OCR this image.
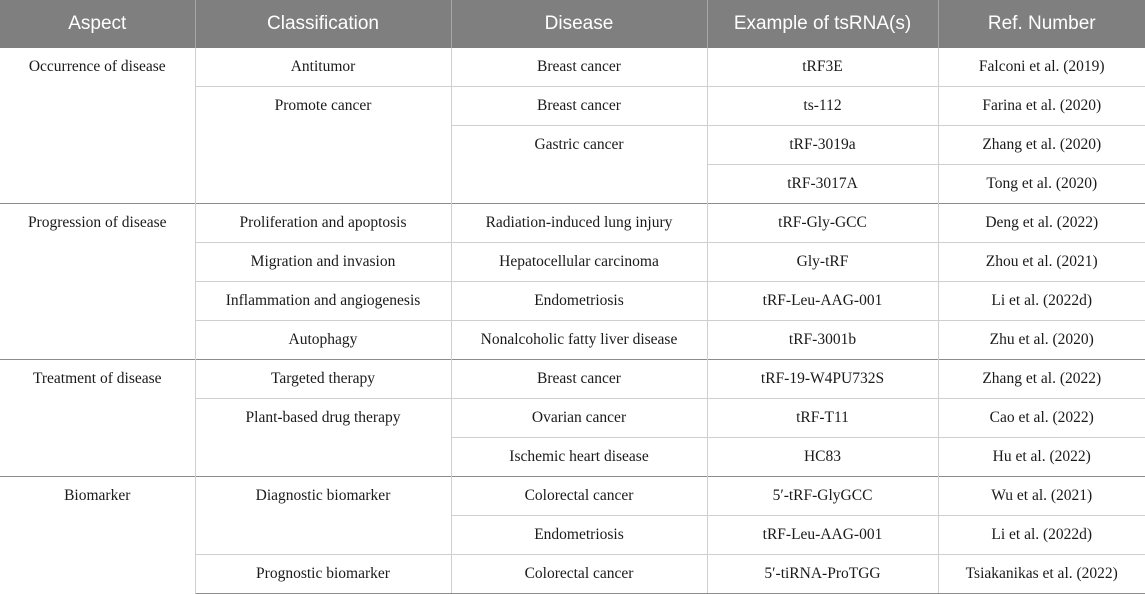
Aspect	Classification	Disease	Example of tsRNA(s)	Ref. Number
Occurrence of disease	Antitumor	Breast cancer	tRF3E	Falconi et al. (2019)
	Promote cancer	Breast cancer	ts-112	Farina et al. (2020)
		Gastric cancer	tRF-3019a	Zhang et al. (2020)
			tRF-3017A	Tong et al. (2020)
Progression of disease	Proliferation and apoptosis	Radiation-induced lung injury	tRF-Gly-GCC	Deng et al. (2022)
	Migration and invasion	Hepatocellular carcinoma	Gly-tRF	Zhou et al. (2021)
	Inflammation and angiogenesis	Endometriosis	tRF-Leu-AAG-001	Li et al. (2022d)
	Autophagy	Nonalcoholic fatty liver disease	tRF-3001b	Zhu et al. (2020)
Treatment of disease	Targeted therapy	Breast cancer	tRF-19-W4PU732S	Zhang et al. (2022)
	Plant-based drug therapy	Ovarian cancer	tRF-T11	Cao et al. (2022)
		Ischemic heart disease	HC83	Hu et al. (2022)
Biomarker	Diagnostic biomarker	Colorectal cancer	5′-tRF-GlyGCC	Wu et al. (2021)
		Endometriosis	tRF-Leu-AAG-001	Li et al. (2022d)
	Prognostic biomarker	Colorectal cancer	5′-tiRNA-ProTGG	Tsiakanikas et al. (2022)
